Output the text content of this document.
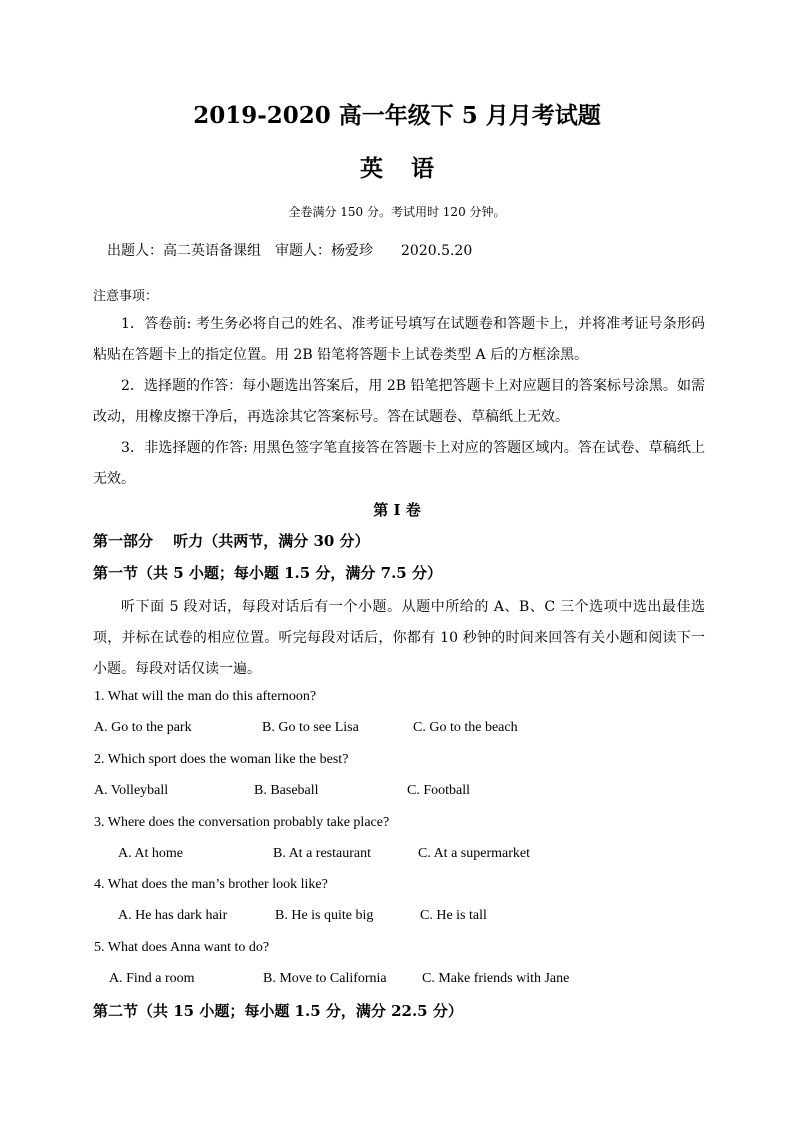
2019-2020 高一年级下 5 月月考试题
英 语
全卷满分 150 分。考试用时 120 分钟。
出题人：高二英语备课组　审题人：杨爱珍　　2020.5.20
注意事项：
1．答卷前: 考生务必将自己的姓名、准考证号填写在试题卷和答题卡上，并将准考证号条形码粘贴在答题卡上的指定位置。用 2B 铅笔将答题卡上试卷类型 A 后的方框涂黑。
2．选择题的作答：每小题选出答案后，用 2B 铅笔把答题卡上对应题目的答案标号涂黑。如需改动，用橡皮擦干净后，再选涂其它答案标号。答在试题卷、草稿纸上无效。
3．非选择题的作答: 用黑色签字笔直接答在答题卡上对应的答题区域内。答在试卷、草稿纸上无效。
第 I 卷
第一部分　 听力（共两节，满分 30 分）
第一节（共 5 小题；每小题 1.5 分，满分 7.5 分）
听下面 5 段对话，每段对话后有一个小题。从题中所给的 A、B、C 三个选项中选出最佳选项，并标在试卷的相应位置。听完每段对话后，你都有 10 秒钟的时间来回答有关小题和阅读下一小题。每段对话仅读一遍。
1. What will the man do this afternoon?
A. Go to the park	B. Go to see Lisa	C. Go to the beach
2. Which sport does the woman like the best?
A. Volleyball	B. Baseball	C. Football
3. Where does the conversation probably take place?
A. At home	B. At a restaurant	C. At a supermarket
4. What does the man’s brother look like?
A. He has dark hair	B. He is quite big	C. He is tall
5. What does Anna want to do?
A. Find a room	B. Move to California	C. Make friends with Jane
第二节（共 15 小题；每小题 1.5 分，满分 22.5 分）
